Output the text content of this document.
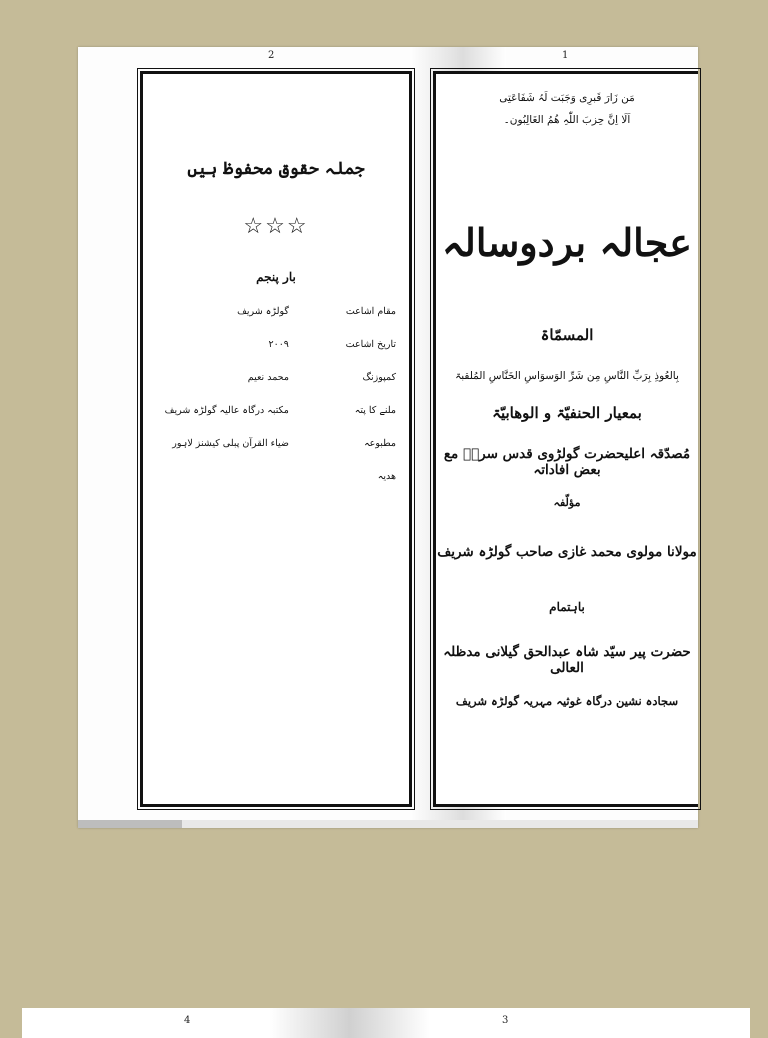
2	1
جملہ حقوق محفوظ ہیں
☆☆☆
بار پنجم
مقام اشاعت	گولڑہ شریف
تاریخ اشاعت	۲۰۰۹
کمپوزنگ	محمد نعیم
ملنے کا پتہ	مکتبہ درگاہ عالیہ گولڑہ شریف
مطبوعہ	ضیاء القرآن پبلی کیشنز لاہور
ھدیہ	
مَن زَارَ قَبرِی وَجَبَت لَہُ شَفَاعَتِی
اَلَا اِنَّ حِزبَ اللّٰہِ ھُمُ الغَالِبُون۔
عجالہ بردوسالہ
المسمّاۃ
بِالعُوذِ بِرَبِّ النَّاسِ مِن شَرِّ الوَسوَاسِ الخَنَّاسِ المُلقبۃ
بمعیار الحنفیّۃ و الوھابیّۃ
مُصدّقہ اعلیحضرت گولڑوی قدس سرہٗ مع بعض افاداتہ
مؤلّفہ
مولانا مولوی محمد غازی صاحب گولڑہ شریف
باہتمام
حضرت پیر سیّد شاہ عبدالحق گیلانی مدظلہ العالی
سجادہ نشین درگاہ غوثیہ مہریہ گولڑہ شریف
4	3
